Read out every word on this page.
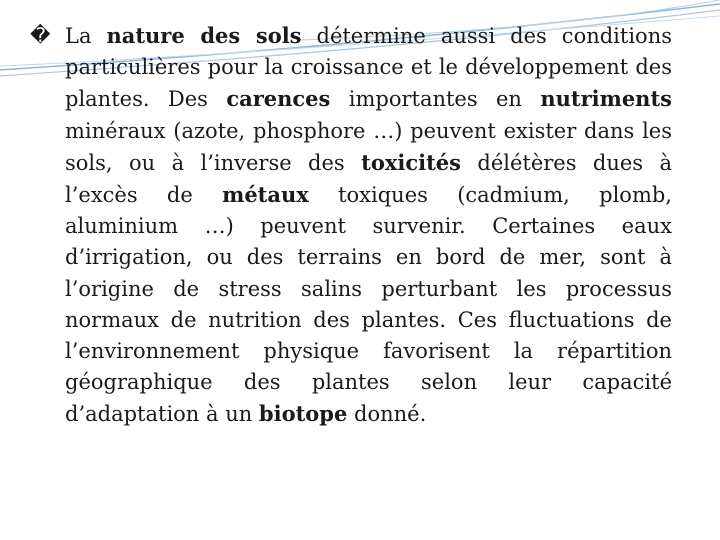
� La nature des sols détermine aussi des conditions particulières pour la croissance et le développement des plantes. Des carences importantes en nutriments minéraux (azote, phosphore …) peuvent exister dans les sols, ou à l’inverse des toxicités délétères dues à l’excès de métaux toxiques (cadmium, plomb, aluminium …) peuvent survenir. Certaines eaux d’irrigation, ou des terrains en bord de mer, sont à l’origine de stress salins perturbant les processus normaux de nutrition des plantes. Ces fluctuations de l’environnement physique favorisent la répartition géographique des plantes selon leur capacité d’adaptation à un biotope donné.
